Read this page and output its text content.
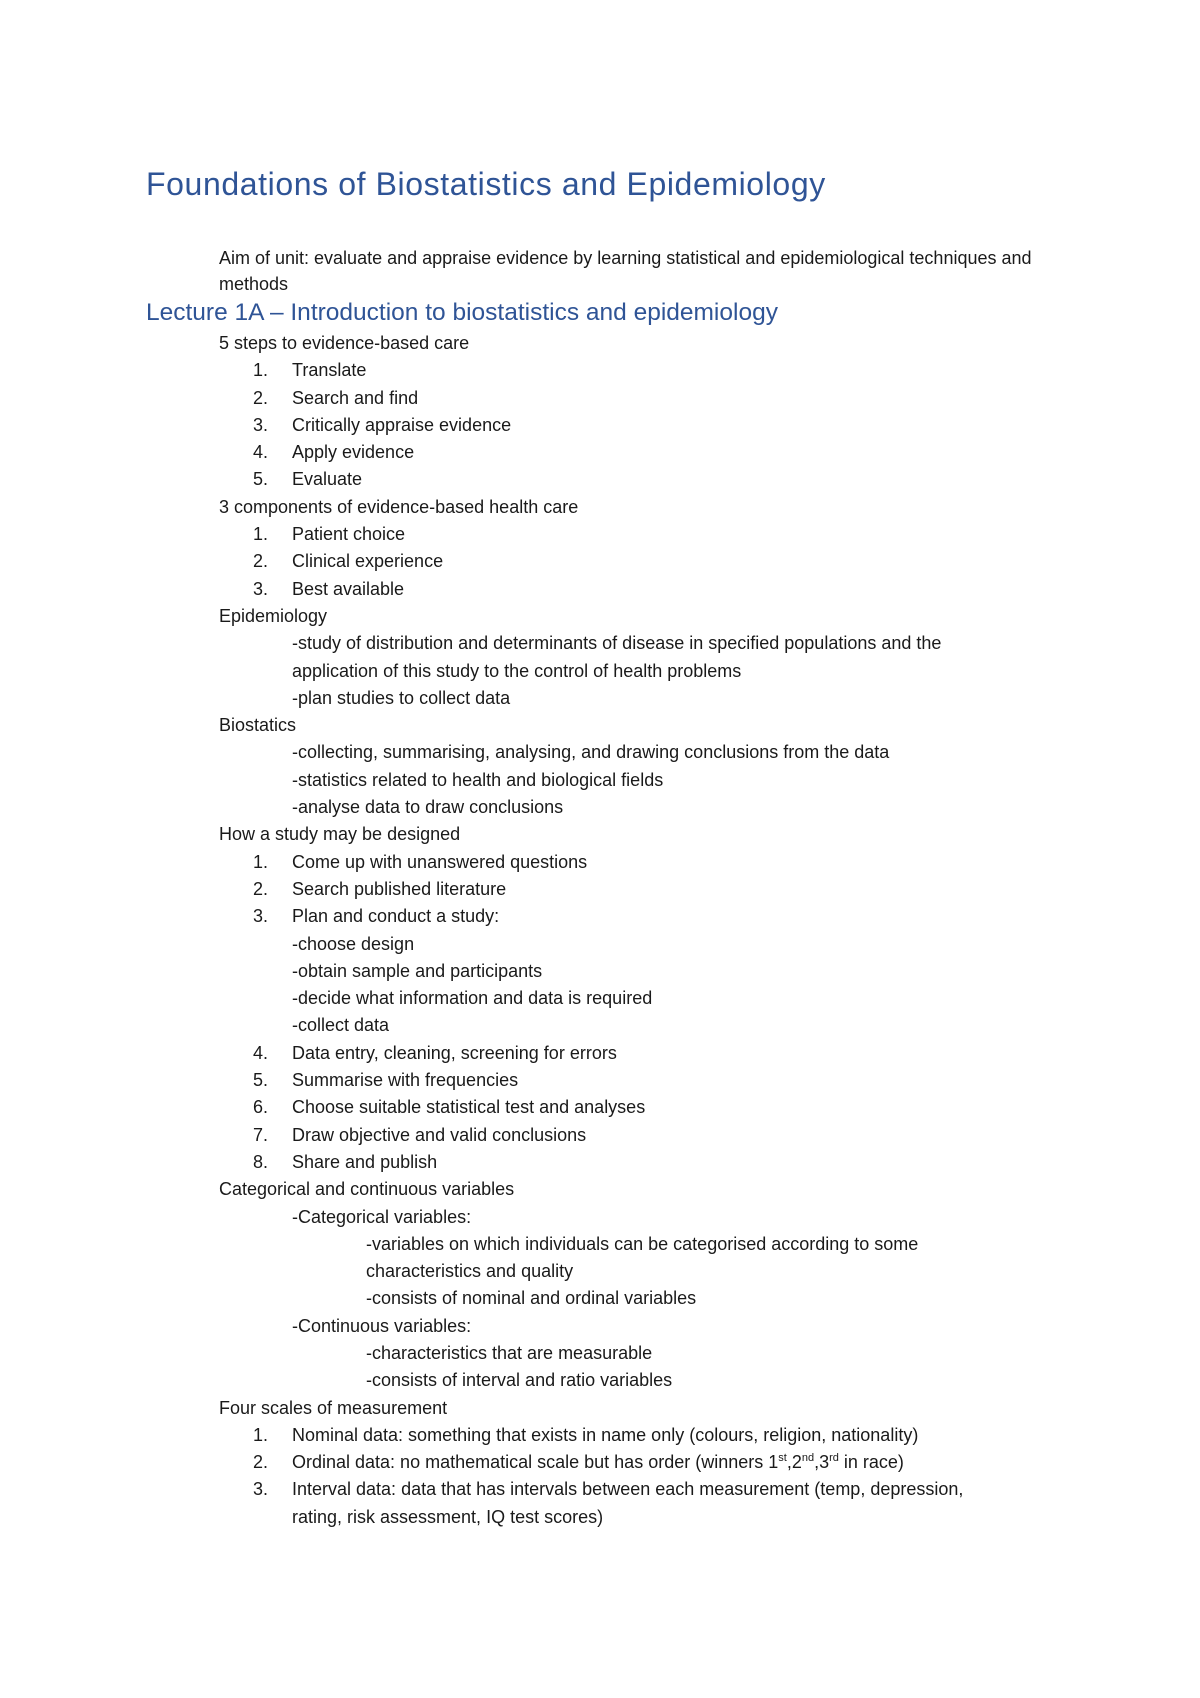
Foundations of Biostatistics and Epidemiology
Aim of unit: evaluate and appraise evidence by learning statistical and epidemiological techniques and methods
Lecture 1A – Introduction to biostatistics and epidemiology
5 steps to evidence-based care
1. Translate
2. Search and find
3. Critically appraise evidence
4. Apply evidence
5. Evaluate
3 components of evidence-based health care
1. Patient choice
2. Clinical experience
3. Best available
Epidemiology
-study of distribution and determinants of disease in specified populations and the
application of this study to the control of health problems
-plan studies to collect data
Biostatics
-collecting, summarising, analysing, and drawing conclusions from the data
-statistics related to health and biological fields
-analyse data to draw conclusions
How a study may be designed
1. Come up with unanswered questions
2. Search published literature
3. Plan and conduct a study:
-choose design
-obtain sample and participants
-decide what information and data is required
-collect data
4. Data entry, cleaning, screening for errors
5. Summarise with frequencies
6. Choose suitable statistical test and analyses
7. Draw objective and valid conclusions
8. Share and publish
Categorical and continuous variables
-Categorical variables:
-variables on which individuals can be categorised according to some
characteristics and quality
-consists of nominal and ordinal variables
-Continuous variables:
-characteristics that are measurable
-consists of interval and ratio variables
Four scales of measurement
1. Nominal data: something that exists in name only (colours, religion, nationality)
2. Ordinal data: no mathematical scale but has order (winners 1st,2nd,3rd in race)
3. Interval data: data that has intervals between each measurement (temp, depression,
rating, risk assessment, IQ test scores)
